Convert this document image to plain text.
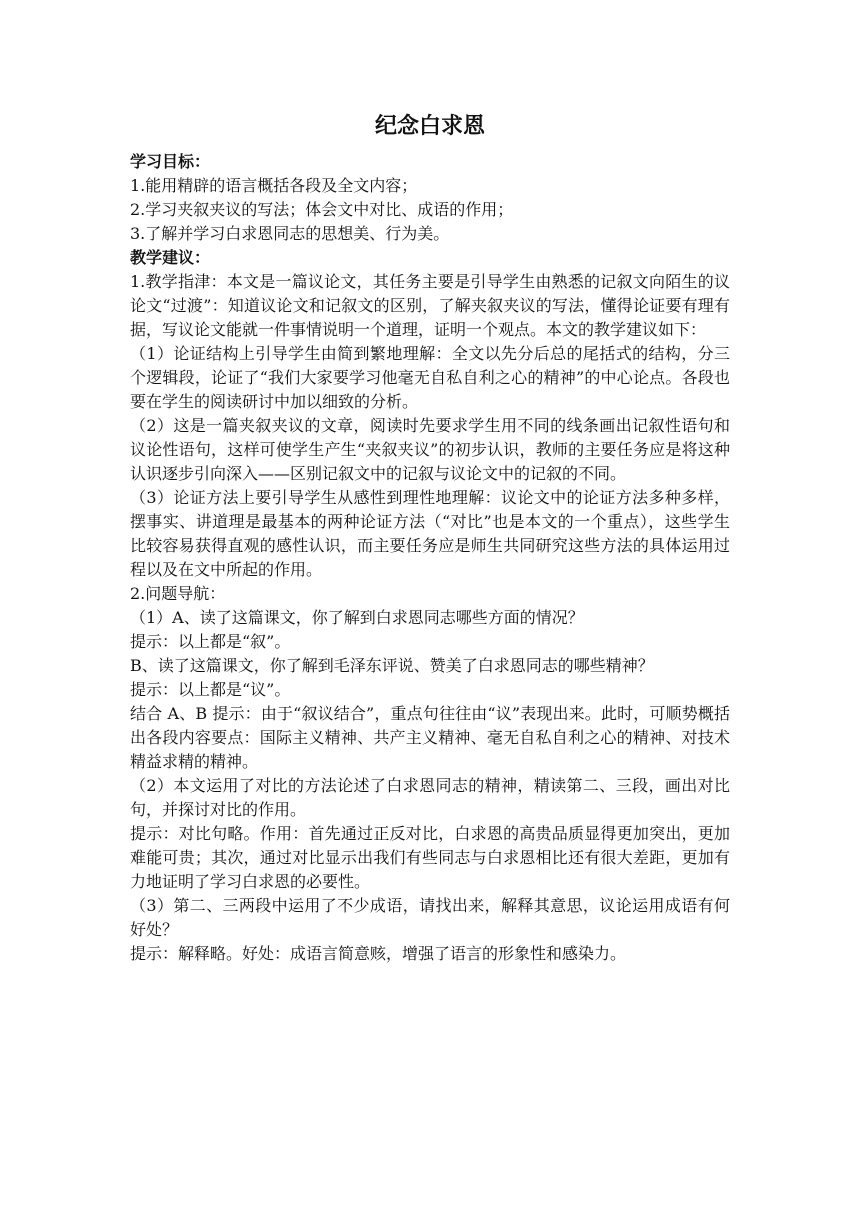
纪念白求恩
学习目标：

1.能用精辟的语言概括各段及全文内容；

2.学习夹叙夹议的写法；体会文中对比、成语的作用；

3.了解并学习白求恩同志的思想美、行为美。

教学建议：

1.教学指津：本文是一篇议论文，其任务主要是引导学生由熟悉的记叙文向陌生的议论文“过渡”：知道议论文和记叙文的区别，了解夹叙夹议的写法，懂得论证要有理有据，写议论文能就一件事情说明一个道理，证明一个观点。本文的教学建议如下：

（1）论证结构上引导学生由简到繁地理解：全文以先分后总的尾括式的结构，分三个逻辑段，论证了“我们大家要学习他毫无自私自利之心的精神”的中心论点。各段也要在学生的阅读研讨中加以细致的分析。

（2）这是一篇夹叙夹议的文章，阅读时先要求学生用不同的线条画出记叙性语句和议论性语句，这样可使学生产生“夹叙夹议”的初步认识，教师的主要任务应是将这种认识逐步引向深入——区别记叙文中的记叙与议论文中的记叙的不同。

（3）论证方法上要引导学生从感性到理性地理解：议论文中的论证方法多种多样，摆事实、讲道理是最基本的两种论证方法（“对比”也是本文的一个重点），这些学生比较容易获得直观的感性认识，而主要任务应是师生共同研究这些方法的具体运用过程以及在文中所起的作用。

2.问题导航：

（1）A、读了这篇课文，你了解到白求恩同志哪些方面的情况？

提示：以上都是“叙”。

B、读了这篇课文，你了解到毛泽东评说、赞美了白求恩同志的哪些精神？

提示：以上都是“议”。

结合 A、B 提示：由于“叙议结合”，重点句往往由“议”表现出来。此时，可顺势概括出各段内容要点：国际主义精神、共产主义精神、毫无自私自利之心的精神、对技术精益求精的精神。

（2）本文运用了对比的方法论述了白求恩同志的精神，精读第二、三段，画出对比句，并探讨对比的作用。

提示：对比句略。作用：首先通过正反对比，白求恩的高贵品质显得更加突出，更加难能可贵；其次，通过对比显示出我们有些同志与白求恩相比还有很大差距，更加有力地证明了学习白求恩的必要性。

（3）第二、三两段中运用了不少成语，请找出来，解释其意思，议论运用成语有何好处？

提示：解释略。好处：成语言简意赅，增强了语言的形象性和感染力。
